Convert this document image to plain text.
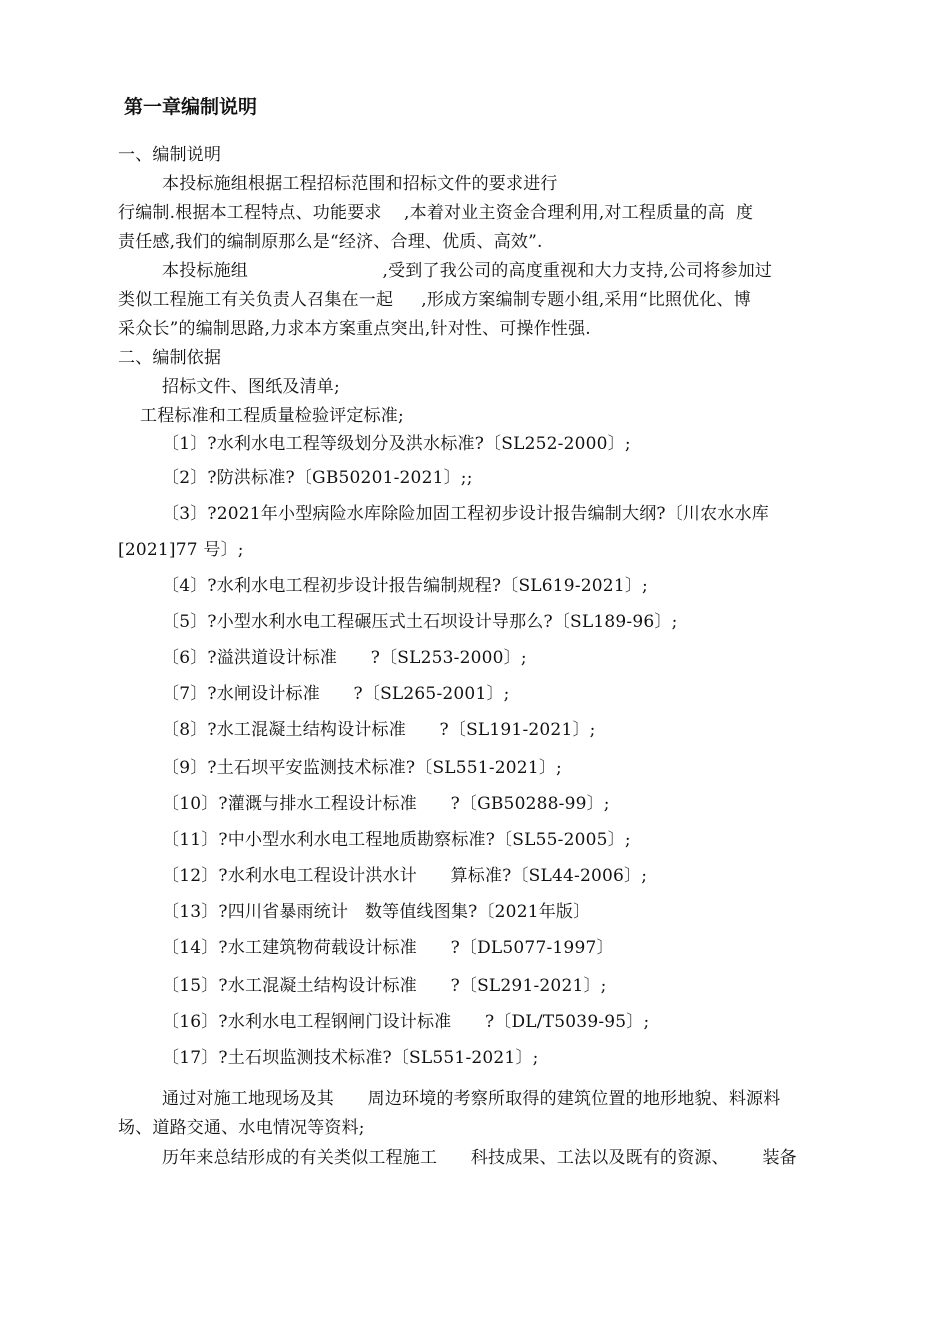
第一章编制说明
一、编制说明
本投标施组根据工程招标范围和招标文件的要求进行
行编制.根据本工程特点、功能要求    ,本着对业主资金合理利用,对工程质量的高  度
责任感,我们的编制原那么是“经济、合理、优质、高效”.
本投标施组                        ,受到了我公司的高度重视和大力支持,公司将参加过
类似工程施工有关负责人召集在一起     ,形成方案编制专题小组,采用“比照优化、博
采众长”的编制思路,力求本方案重点突出,针对性、可操作性强.
二、编制依据
招标文件、图纸及清单;
工程标准和工程质量检验评定标准;
〔1〕?水利水电工程等级划分及洪水标准?〔SL252-2000〕;
〔2〕?防洪标准?〔GB50201-2021〕;;
〔3〕?2021年小型病险水库除险加固工程初步设计报告编制大纲?〔川农水水库
[2021]77 号〕;
〔4〕?水利水电工程初步设计报告编制规程?〔SL619-2021〕;
〔5〕?小型水利水电工程碾压式土石坝设计导那么?〔SL189-96〕;
〔6〕?溢洪道设计标准      ?〔SL253-2000〕;
〔7〕?水闸设计标准      ?〔SL265-2001〕;
〔8〕?水工混凝土结构设计标准      ?〔SL191-2021〕;
〔9〕?土石坝平安监测技术标准?〔SL551-2021〕;
〔10〕?灌溉与排水工程设计标准      ?〔GB50288-99〕;
〔11〕?中小型水利水电工程地质勘察标准?〔SL55-2005〕;
〔12〕?水利水电工程设计洪水计      算标准?〔SL44-2006〕;
〔13〕?四川省暴雨统计   数等值线图集?〔2021年版〕
〔14〕?水工建筑物荷载设计标准      ?〔DL5077-1997〕
〔15〕?水工混凝土结构设计标准      ?〔SL291-2021〕;
〔16〕?水利水电工程钢闸门设计标准      ?〔DL/T5039-95〕;
〔17〕?土石坝监测技术标准?〔SL551-2021〕;
通过对施工地现场及其      周边环境的考察所取得的建筑位置的地形地貌、料源料
场、道路交通、水电情况等资料;
历年来总结形成的有关类似工程施工      科技成果、工法以及既有的资源、      装备
